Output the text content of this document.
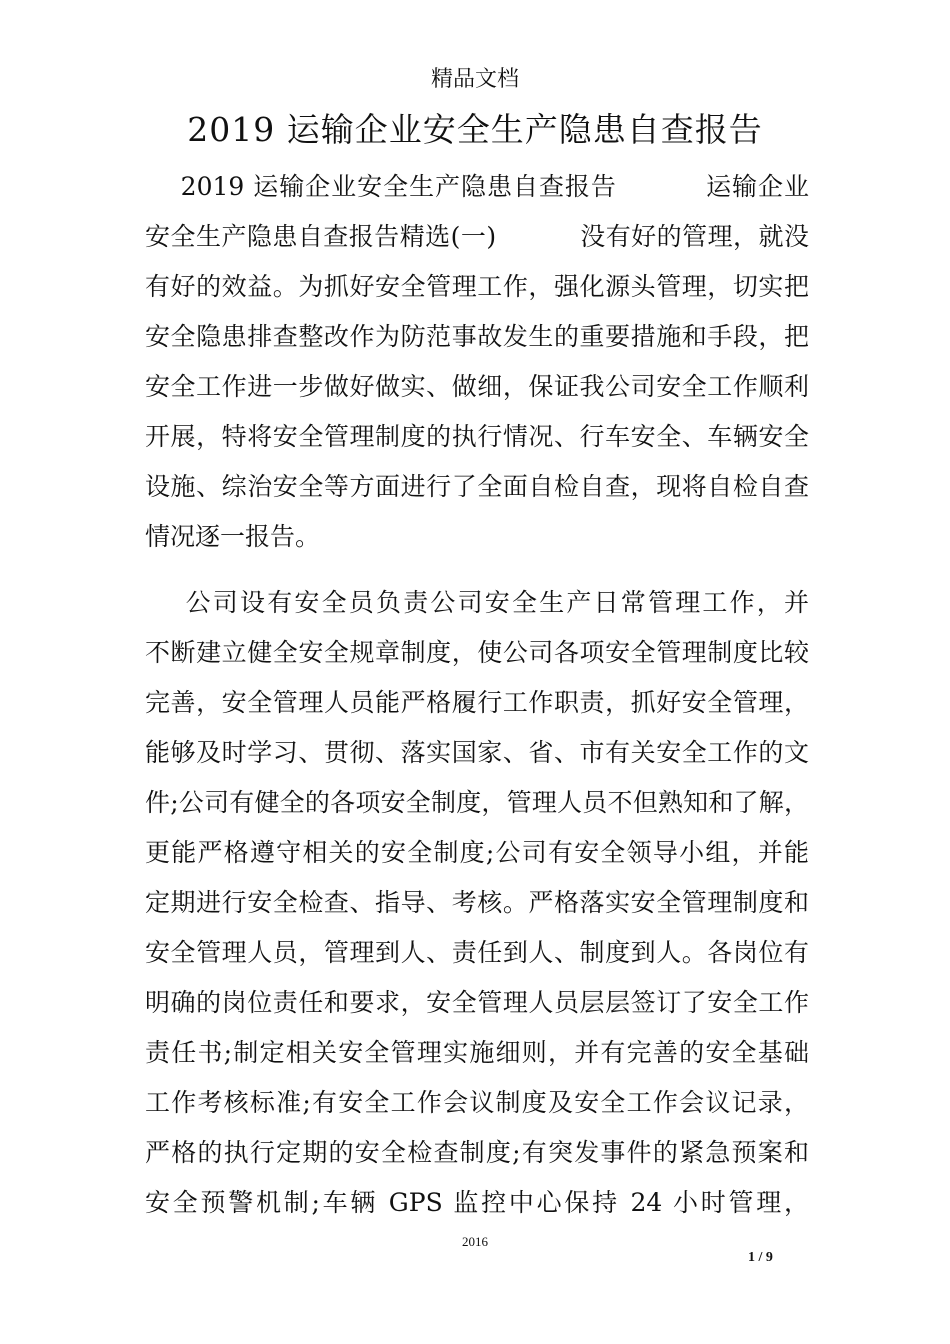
精品文档
2019 运输企业安全生产隐患自查报告
2019 运输企业安全生产隐患自查报告          运输企业
安全生产隐患自查报告精选(一)          没有好的管理，就没
有好的效益。为抓好安全管理工作，强化源头管理，切实把
安全隐患排查整改作为防范事故发生的重要措施和手段，把
安全工作进一步做好做实、做细，保证我公司安全工作顺利
开展，特将安全管理制度的执行情况、行车安全、车辆安全
设施、综治安全等方面进行了全面自检自查，现将自检自查
情况逐一报告。
公司设有安全员负责公司安全生产日常管理工作，并
不断建立健全安全规章制度，使公司各项安全管理制度比较
完善，安全管理人员能严格履行工作职责，抓好安全管理，
能够及时学习、贯彻、落实国家、省、市有关安全工作的文
件;公司有健全的各项安全制度，管理人员不但熟知和了解，
更能严格遵守相关的安全制度;公司有安全领导小组，并能
定期进行安全检查、指导、考核。严格落实安全管理制度和
安全管理人员，管理到人、责任到人、制度到人。各岗位有
明确的岗位责任和要求，安全管理人员层层签订了安全工作
责任书;制定相关安全管理实施细则，并有完善的安全基础
工作考核标准;有安全工作会议制度及安全工作会议记录，
严格的执行定期的安全检查制度;有突发事件的紧急预案和
安全预警机制;车辆 GPS 监控中心保持 24 小时管理，
2016
1 / 9
